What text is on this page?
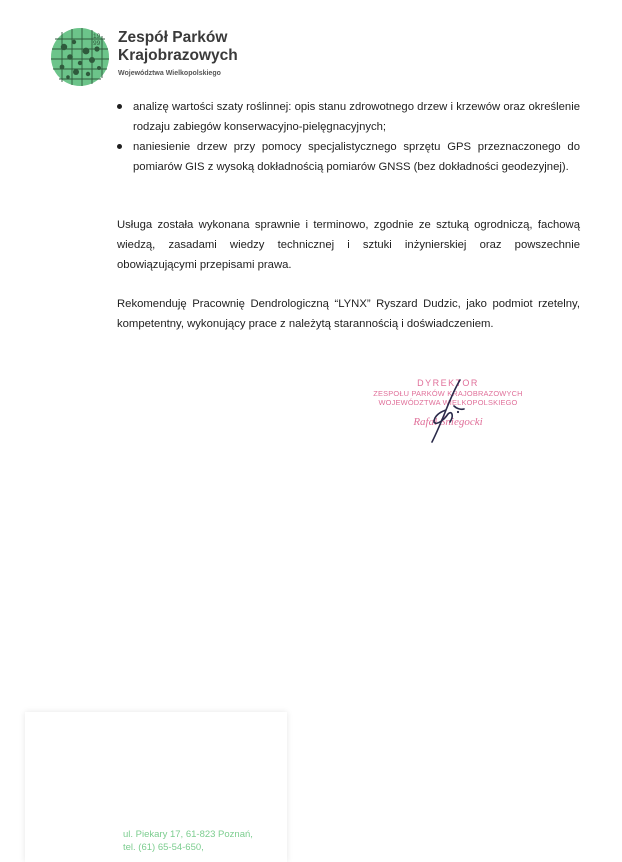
19
99 Zespół Parków
Krajobrazowych
Województwa Wielkopolskiego
analizę wartości szaty roślinnej: opis stanu zdrowotnego drzew i krzewów oraz określenie rodzaju zabiegów konserwacyjno-pielęgnacyjnych;
naniesienie drzew przy pomocy specjalistycznego sprzętu GPS przeznaczonego do pomiarów GIS z wysoką dokładnością pomiarów GNSS (bez dokładności geodezyjnej).

Usługa została wykonana sprawnie i terminowo, zgodnie ze sztuką ogrodniczą, fachową wiedzą, zasadami wiedzy technicznej i sztuki inżynierskiej oraz powszechnie obowiązującymi przepisami prawa.

Rekomenduję Pracownię Dendrologiczną “LYNX” Ryszard Dudzic, jako podmiot rzetelny, kompetentny, wykonujący prace z należytą starannością i doświadczeniem.

DYREKTOR
ZESPOŁU PARKÓW KRAJOBRAZOWYCH
WOJEWÓDZTWA WIELKOPOLSKIEGO
Rafał Śniegocki
ul. Piekary 17, 61-823 Poznań,
tel. (61) 65-54-650,
